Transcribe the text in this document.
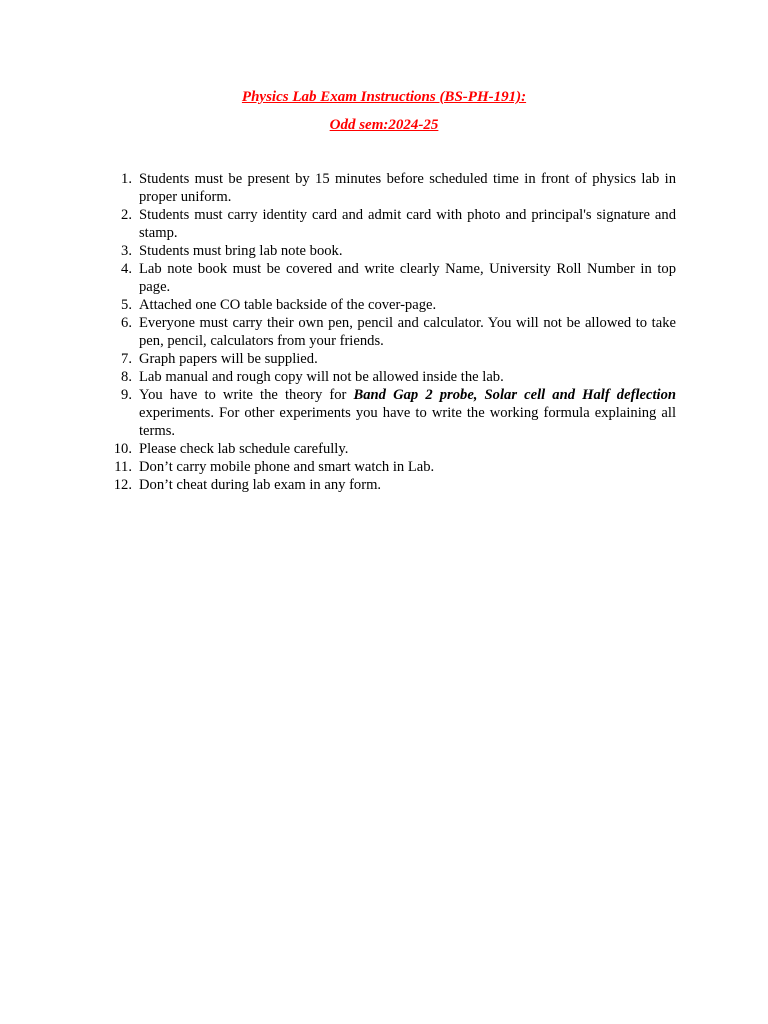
Physics Lab Exam Instructions (BS-PH-191):
Odd sem:2024-25
1. Students must be present by 15 minutes before scheduled time in front of physics lab in proper uniform.
2. Students must carry identity card and admit card with photo and principal's signature and stamp.
3. Students must bring lab note book.
4. Lab note book must be covered and write clearly Name, University Roll Number in top page.
5. Attached one CO table backside of the cover-page.
6. Everyone must carry their own pen, pencil and calculator. You will not be allowed to take pen, pencil, calculators from your friends.
7. Graph papers will be supplied.
8. Lab manual and rough copy will not be allowed inside the lab.
9. You have to write the theory for Band Gap 2 probe, Solar cell and Half deflection experiments. For other experiments you have to write the working formula explaining all terms.
10. Please check lab schedule carefully.
11. Don’t carry mobile phone and smart watch in Lab.
12. Don’t cheat during lab exam in any form.
